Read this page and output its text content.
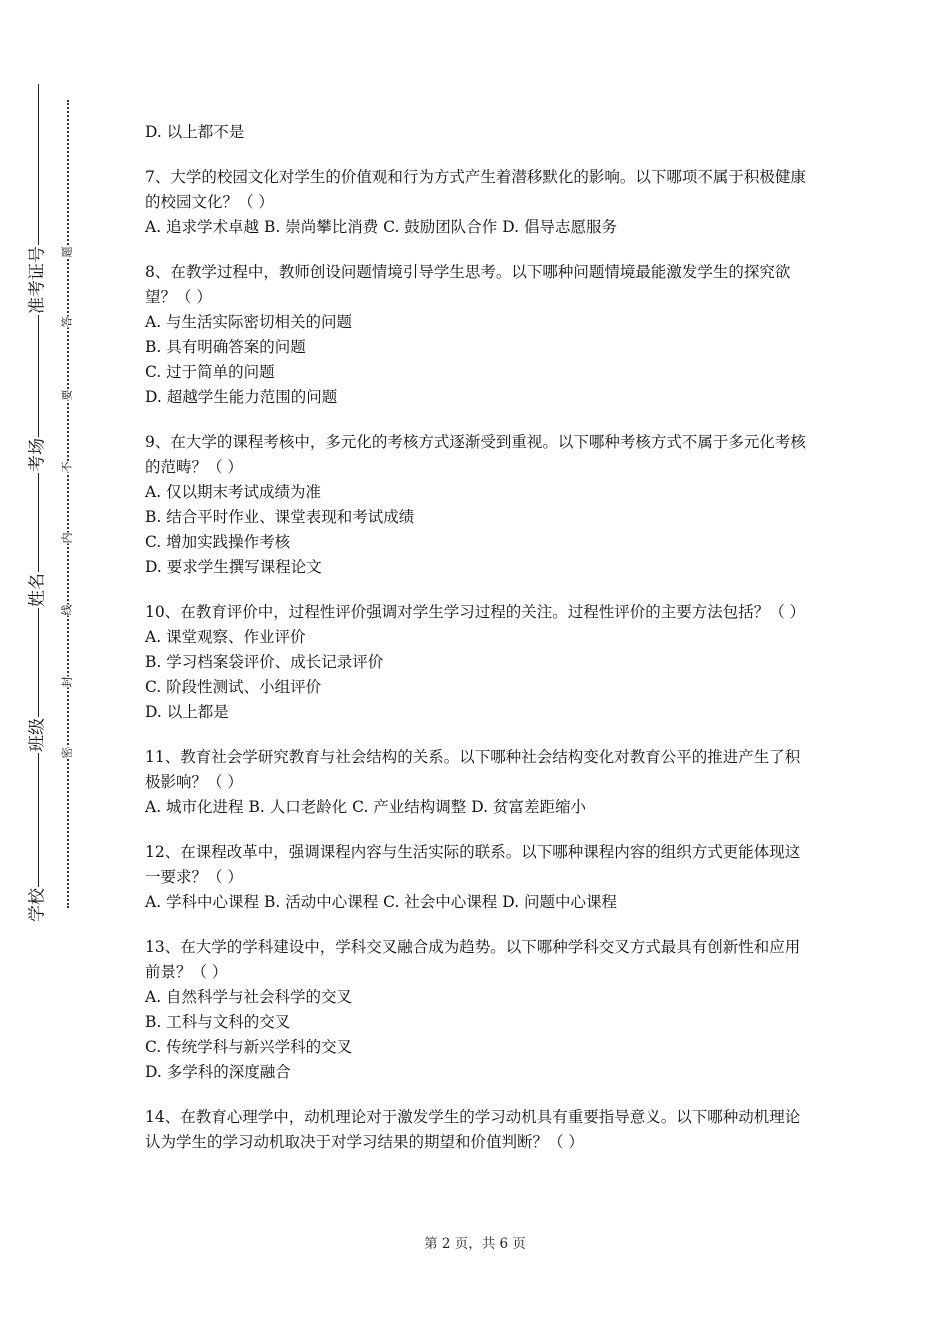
准考证号
考场
姓名
班级
学校
题
答
要
不
内
线
封
密

D. 以上都不是

7、大学的校园文化对学生的价值观和行为方式产生着潜移默化的影响。以下哪项不属于积极健康的校园文化？（ ）

A. 追求学术卓越 B. 崇尚攀比消费 C. 鼓励团队合作 D. 倡导志愿服务

8、在教学过程中，教师创设问题情境引导学生思考。以下哪种问题情境最能激发学生的探究欲望？（ ）

A. 与生活实际密切相关的问题

B. 具有明确答案的问题

C. 过于简单的问题

D. 超越学生能力范围的问题

9、在大学的课程考核中，多元化的考核方式逐渐受到重视。以下哪种考核方式不属于多元化考核的范畴？（ ）

A. 仅以期末考试成绩为准

B. 结合平时作业、课堂表现和考试成绩

C. 增加实践操作考核

D. 要求学生撰写课程论文

10、在教育评价中，过程性评价强调对学生学习过程的关注。过程性评价的主要方法包括？（ ）

A. 课堂观察、作业评价

B. 学习档案袋评价、成长记录评价

C. 阶段性测试、小组评价

D. 以上都是

11、教育社会学研究教育与社会结构的关系。以下哪种社会结构变化对教育公平的推进产生了积极影响？（ ）

A. 城市化进程 B. 人口老龄化 C. 产业结构调整 D. 贫富差距缩小

12、在课程改革中，强调课程内容与生活实际的联系。以下哪种课程内容的组织方式更能体现这一要求？（ ）

A. 学科中心课程 B. 活动中心课程 C. 社会中心课程 D. 问题中心课程

13、在大学的学科建设中，学科交叉融合成为趋势。以下哪种学科交叉方式最具有创新性和应用前景？（ ）

A. 自然科学与社会科学的交叉

B. 工科与文科的交叉

C. 传统学科与新兴学科的交叉

D. 多学科的深度融合

14、在教育心理学中，动机理论对于激发学生的学习动机具有重要指导意义。以下哪种动机理论认为学生的学习动机取决于对学习结果的期望和价值判断？（ ）

第 2 页，共 6 页
